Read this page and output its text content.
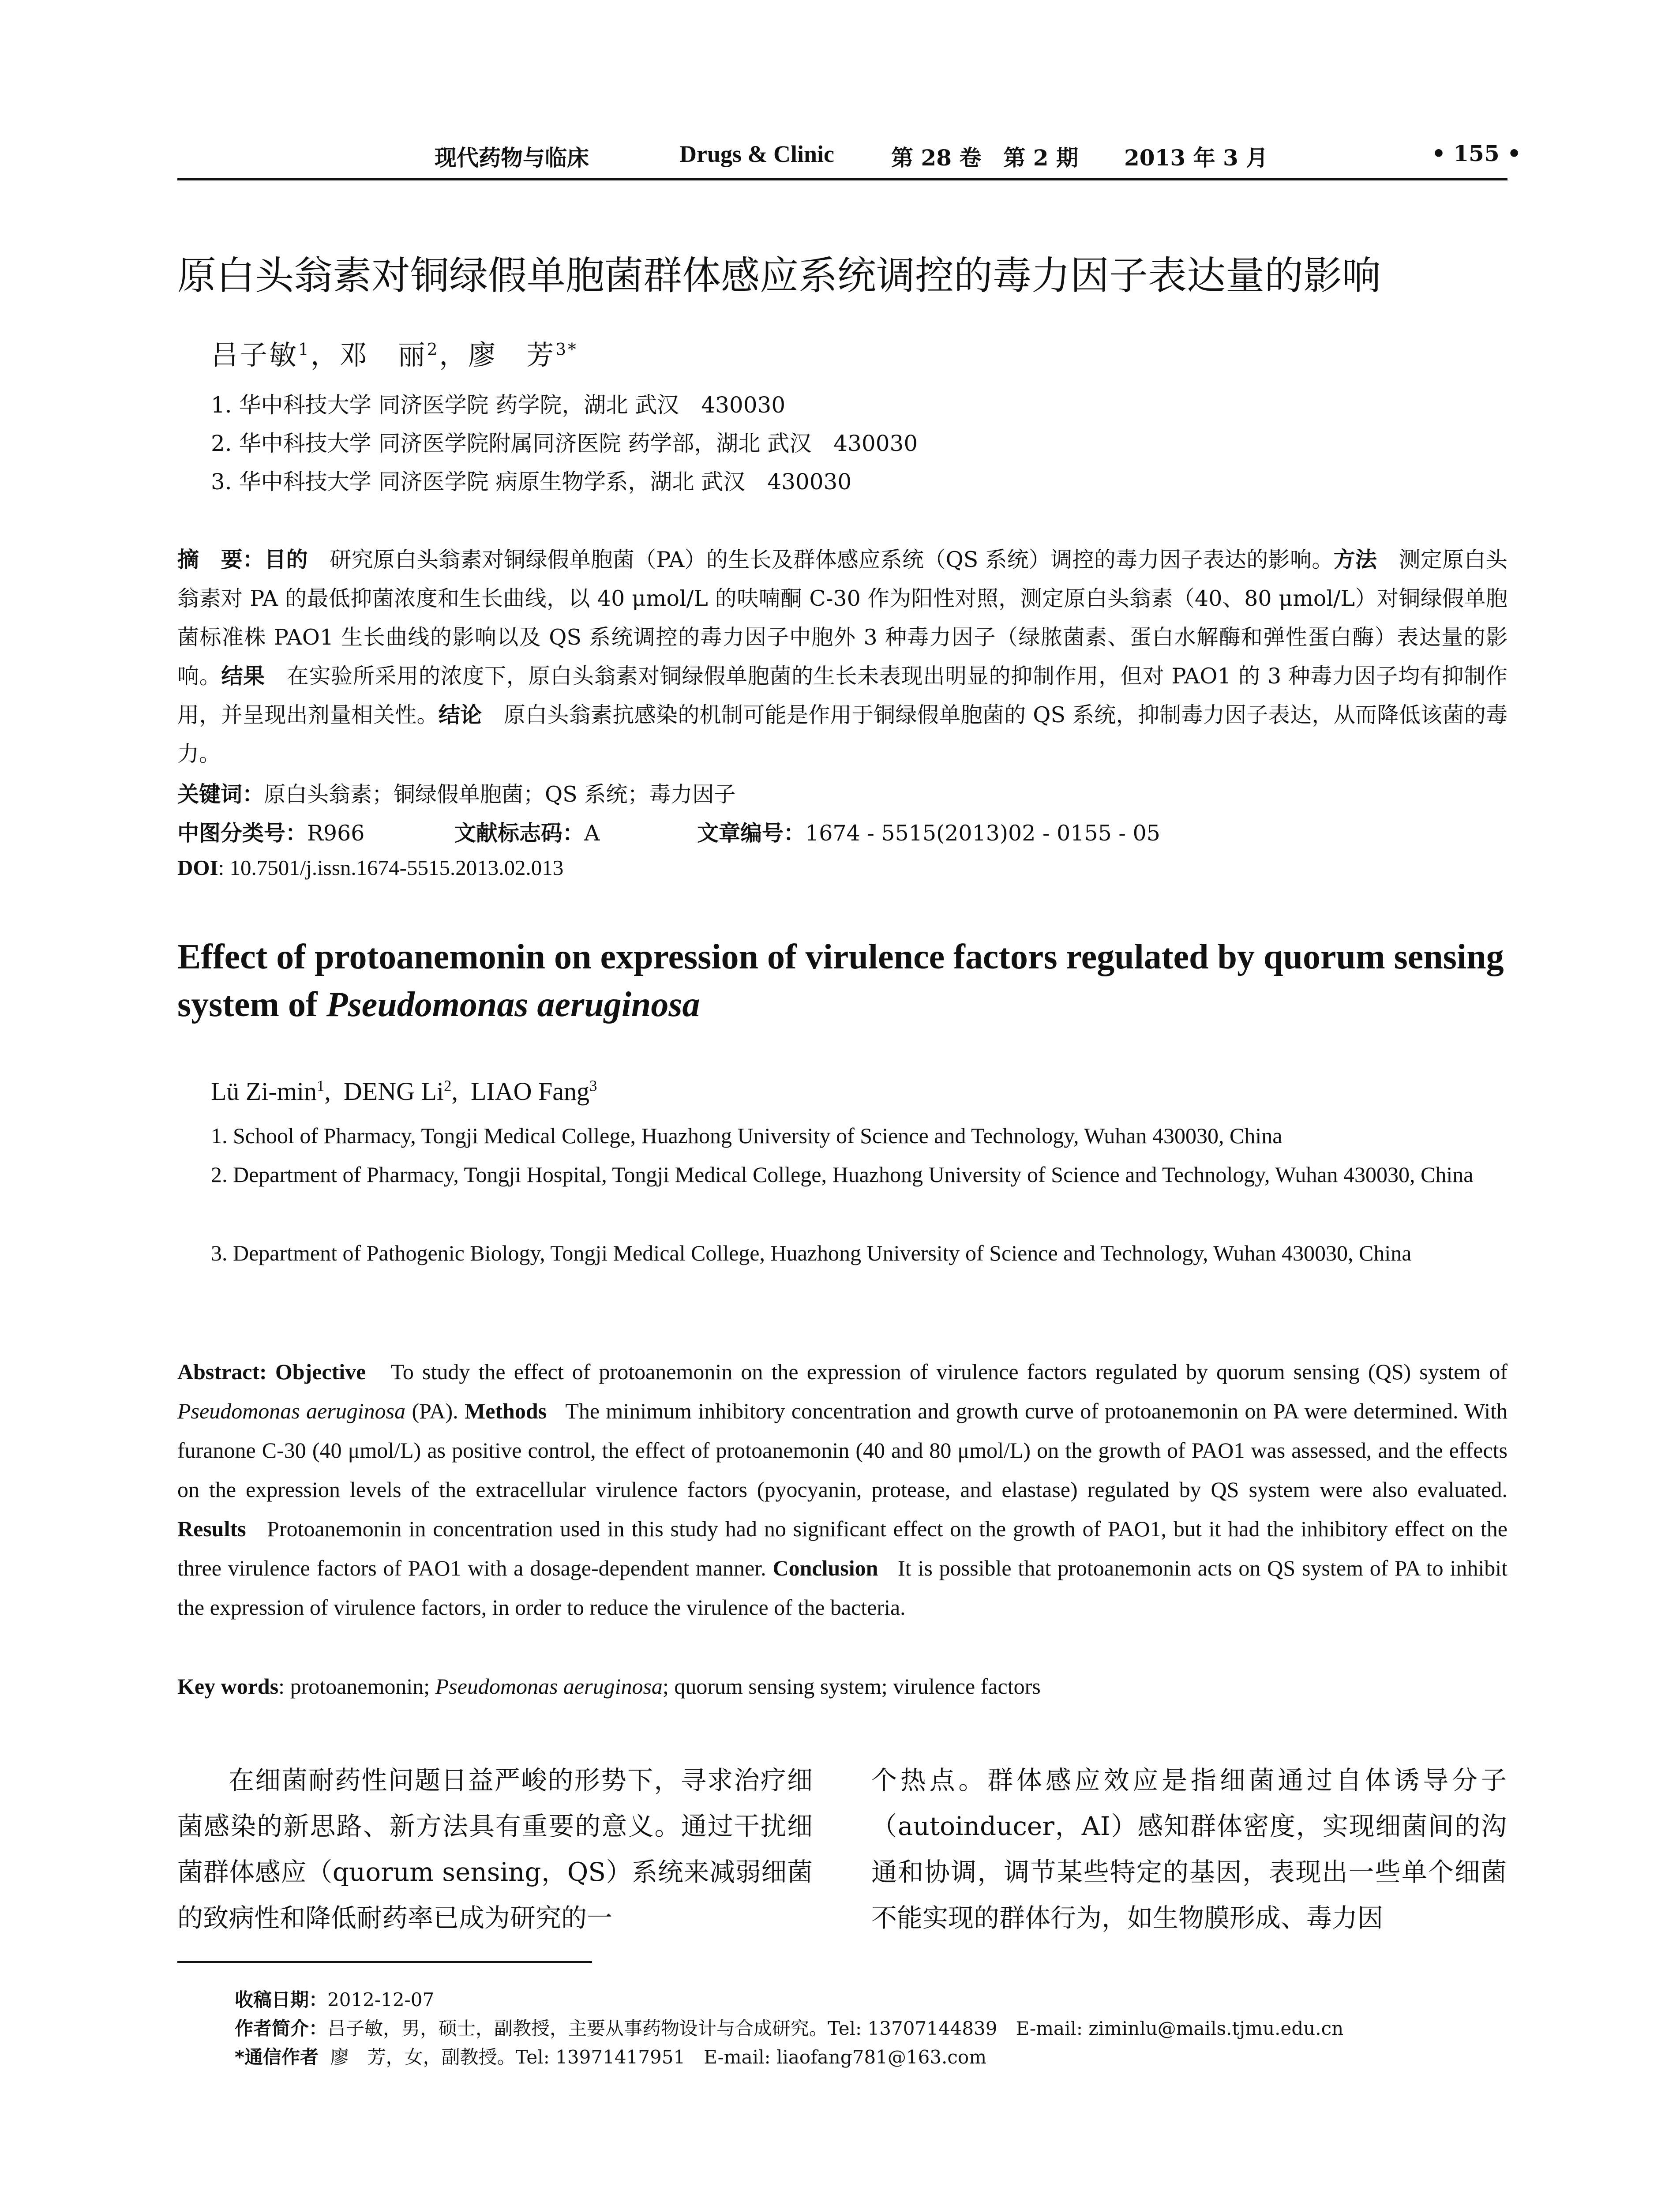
现代药物与临床	Drugs & Clinic	第 28 卷　第 2 期 2013 年 3 月	• 155 •
原白头翁素对铜绿假单胞菌群体感应系统调控的毒力因子表达量的影响
吕子敏$^1$，邓　丽$^2$，廖　芳$^{3*}$
1. 华中科技大学 同济医学院 药学院，湖北 武汉　430030
2. 华中科技大学 同济医学院附属同济医院 药学部，湖北 武汉　430030
3. 华中科技大学 同济医学院 病原生物学系，湖北 武汉　430030
摘　要：目的　 研究原白头翁素对铜绿假单胞菌（PA）的生长及群体感应系统（QS 系统）调控的毒力因子表达的影响。方法　 测定原白头翁素对 PA 的最低抑菌浓度和生长曲线，以 40 μmol/L 的呋喃酮 C-30 作为阳性对照，测定原白头翁素（40、80 μmol/L）对铜绿假单胞菌标准株 PAO1 生长曲线的影响以及 QS 系统调控的毒力因子中胞外 3 种毒力因子（绿脓菌素、蛋白水解酶和弹性蛋白酶）表达量的影响。结果　 在实验所采用的浓度下，原白头翁素对铜绿假单胞菌的生长未表现出明显的抑制作用，但对 PAO1 的 3 种毒力因子均有抑制作用，并呈现出剂量相关性。结论　 原白头翁素抗感染的机制可能是作用于铜绿假单胞菌的 QS 系统，抑制毒力因子表达，从而降低该菌的毒力。
关键词：原白头翁素；铜绿假单胞菌；QS 系统；毒力因子
中图分类号：R966	文献标志码：A	文章编号：1674 - 5515(2013)02 - 0155 - 05
DOI: 10.7501/j.issn.1674-5515.2013.02.013
Effect of protoanemonin on expression of virulence factors regulated by quorum sensing system of Pseudomonas aeruginosa
Lü $Zi-\min^1$,  DENG Li$^2$,  LIAO Fang$^3$
1. School of Pharmacy, Tongji Medical College, Huazhong University of Science and Technology, Wuhan 430030, China
2. Department of Pharmacy, Tongji Hospital, Tongji Medical College, Huazhong University of Science and Technology, Wuhan 430030, China
3. Department of Pathogenic Biology, Tongji Medical College, Huazhong University of Science and Technology, Wuhan 430030, China
Abstract: Objective To study the effect of protoanemonin on the expression of virulence factors regulated by quorum sensing (QS) system of Pseudomonas aeruginosa (PA). Methods The minimum inhibitory concentration and growth curve of protoanemonin on PA were determined. With furanone C-30 (40 μmol/L) as positive control, the effect of protoanemonin (40 and 80 μmol/L) on the growth of PAO1 was assessed, and the effects on the expression levels of the extracellular virulence factors (pyocyanin, protease, and elastase) regulated by QS system were also evaluated. Results Protoanemonin in concentration used in this study had no significant effect on the growth of PAO1, but it had the inhibitory effect on the three virulence factors of PAO1 with a dosage-dependent manner. Conclusion It is possible that protoanemonin acts on QS system of PA to inhibit the expression of virulence factors, in order to reduce the virulence of the bacteria.
Key words: protoanemonin; Pseudomonas aeruginosa; quorum sensing system; virulence factors
在细菌耐药性问题日益严峻的形势下，寻求治疗细菌感染的新思路、新方法具有重要的意义。通过干扰细菌群体感应（quorum sensing，QS）系统来减弱细菌的致病性和降低耐药率已成为研究的一
个热点。群体感应效应是指细菌通过自体诱导分子（autoinducer，AI）感知群体密度，实现细菌间的沟通和协调，调节某些特定的基因，表现出一些单个细菌不能实现的群体行为，如生物膜形成、毒力因
收稿日期：2012-12-07
作者简介：吕子敏，男，硕士，副教授，主要从事药物设计与合成研究。Tel: 13707144839　E-mail: ziminlu@mails.tjmu.edu.cn
*通信作者 廖　芳，女，副教授。Tel: 13971417951　E-mail: liaofang781@163.com
